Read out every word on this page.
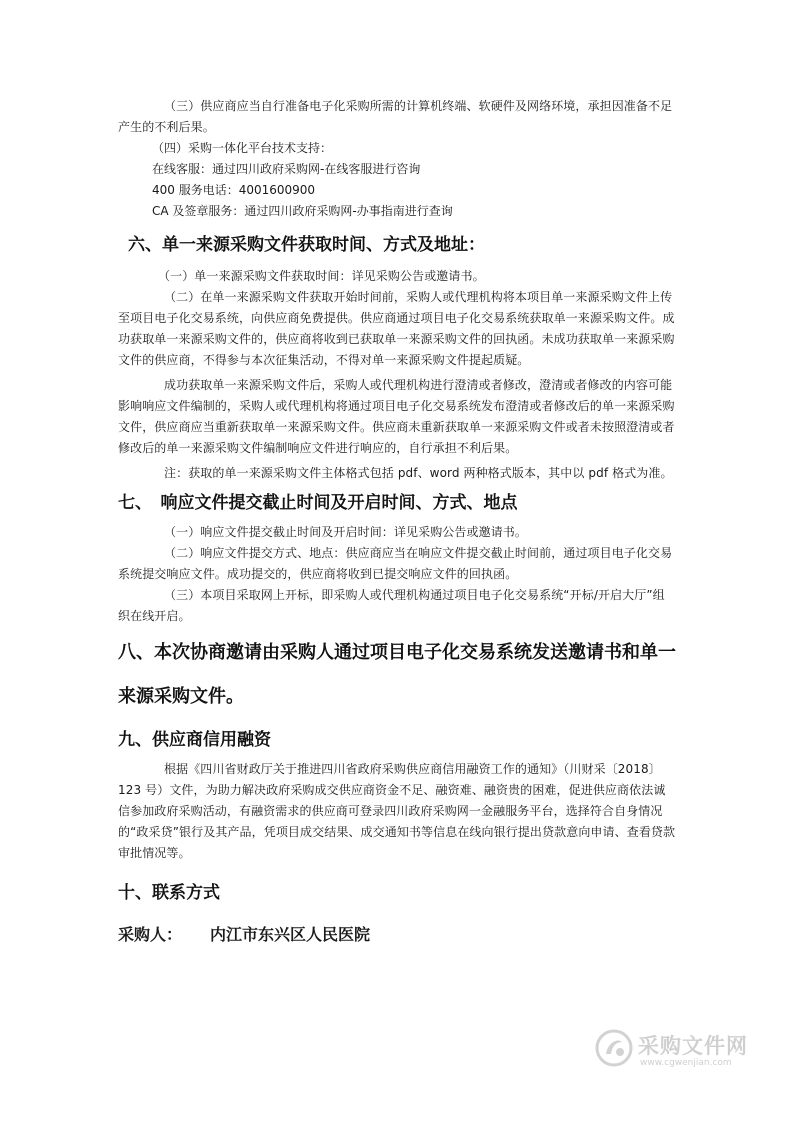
（三）供应商应当自行准备电子化采购所需的计算机终端、软硬件及网络环境，承担因准备不足产生的不利后果。

（四）采购一体化平台技术支持：

在线客服：通过四川政府采购网-在线客服进行咨询

400 服务电话：4001600900

CA 及签章服务：通过四川政府采购网-办事指南进行查询

六、单一来源采购文件获取时间、方式及地址：

（一）单一来源采购文件获取时间：详见采购公告或邀请书。

（二）在单一来源采购文件获取开始时间前，采购人或代理机构将本项目单一来源采购文件上传至项目电子化交易系统，向供应商免费提供。供应商通过项目电子化交易系统获取单一来源采购文件。成功获取单一来源采购文件的，供应商将收到已获取单一来源采购文件的回执函。未成功获取单一来源采购文件的供应商，不得参与本次征集活动，不得对单一来源采购文件提起质疑。

成功获取单一来源采购文件后，采购人或代理机构进行澄清或者修改，澄清或者修改的内容可能影响响应文件编制的，采购人或代理机构将通过项目电子化交易系统发布澄清或者修改后的单一来源采购文件，供应商应当重新获取单一来源采购文件。供应商未重新获取单一来源采购文件或者未按照澄清或者修改后的单一来源采购文件编制响应文件进行响应的，自行承担不利后果。

注：获取的单一来源采购文件主体格式包括 pdf、word 两种格式版本，其中以 pdf 格式为准。

七、　响应文件提交截止时间及开启时间、方式、地点

（一）响应文件提交截止时间及开启时间：详见采购公告或邀请书。

（二）响应文件提交方式、地点：供应商应当在响应文件提交截止时间前，通过项目电子化交易系统提交响应文件。成功提交的，供应商将收到已提交响应文件的回执函。

（三）本项目采取网上开标，即采购人或代理机构通过项目电子化交易系统“开标/开启大厅”组织在线开启。

八、本次协商邀请由采购人通过项目电子化交易系统发送邀请书和单一来源采购文件。

九、供应商信用融资

根据《四川省财政厅关于推进四川省政府采购供应商信用融资工作的通知》（川财采〔2018〕123 号）文件，为助力解决政府采购成交供应商资金不足、融资难、融资贵的困难，促进供应商依法诚信参加政府采购活动，有融资需求的供应商可登录四川政府采购网一金融服务平台，选择符合自身情况的“政采贷”银行及其产品，凭项目成交结果、成交通知书等信息在线向银行提出贷款意向申请、查看贷款审批情况等。

十、联系方式

采购人： 内江市东兴区人民医院

采购文件网
www.cgwenjian.com
